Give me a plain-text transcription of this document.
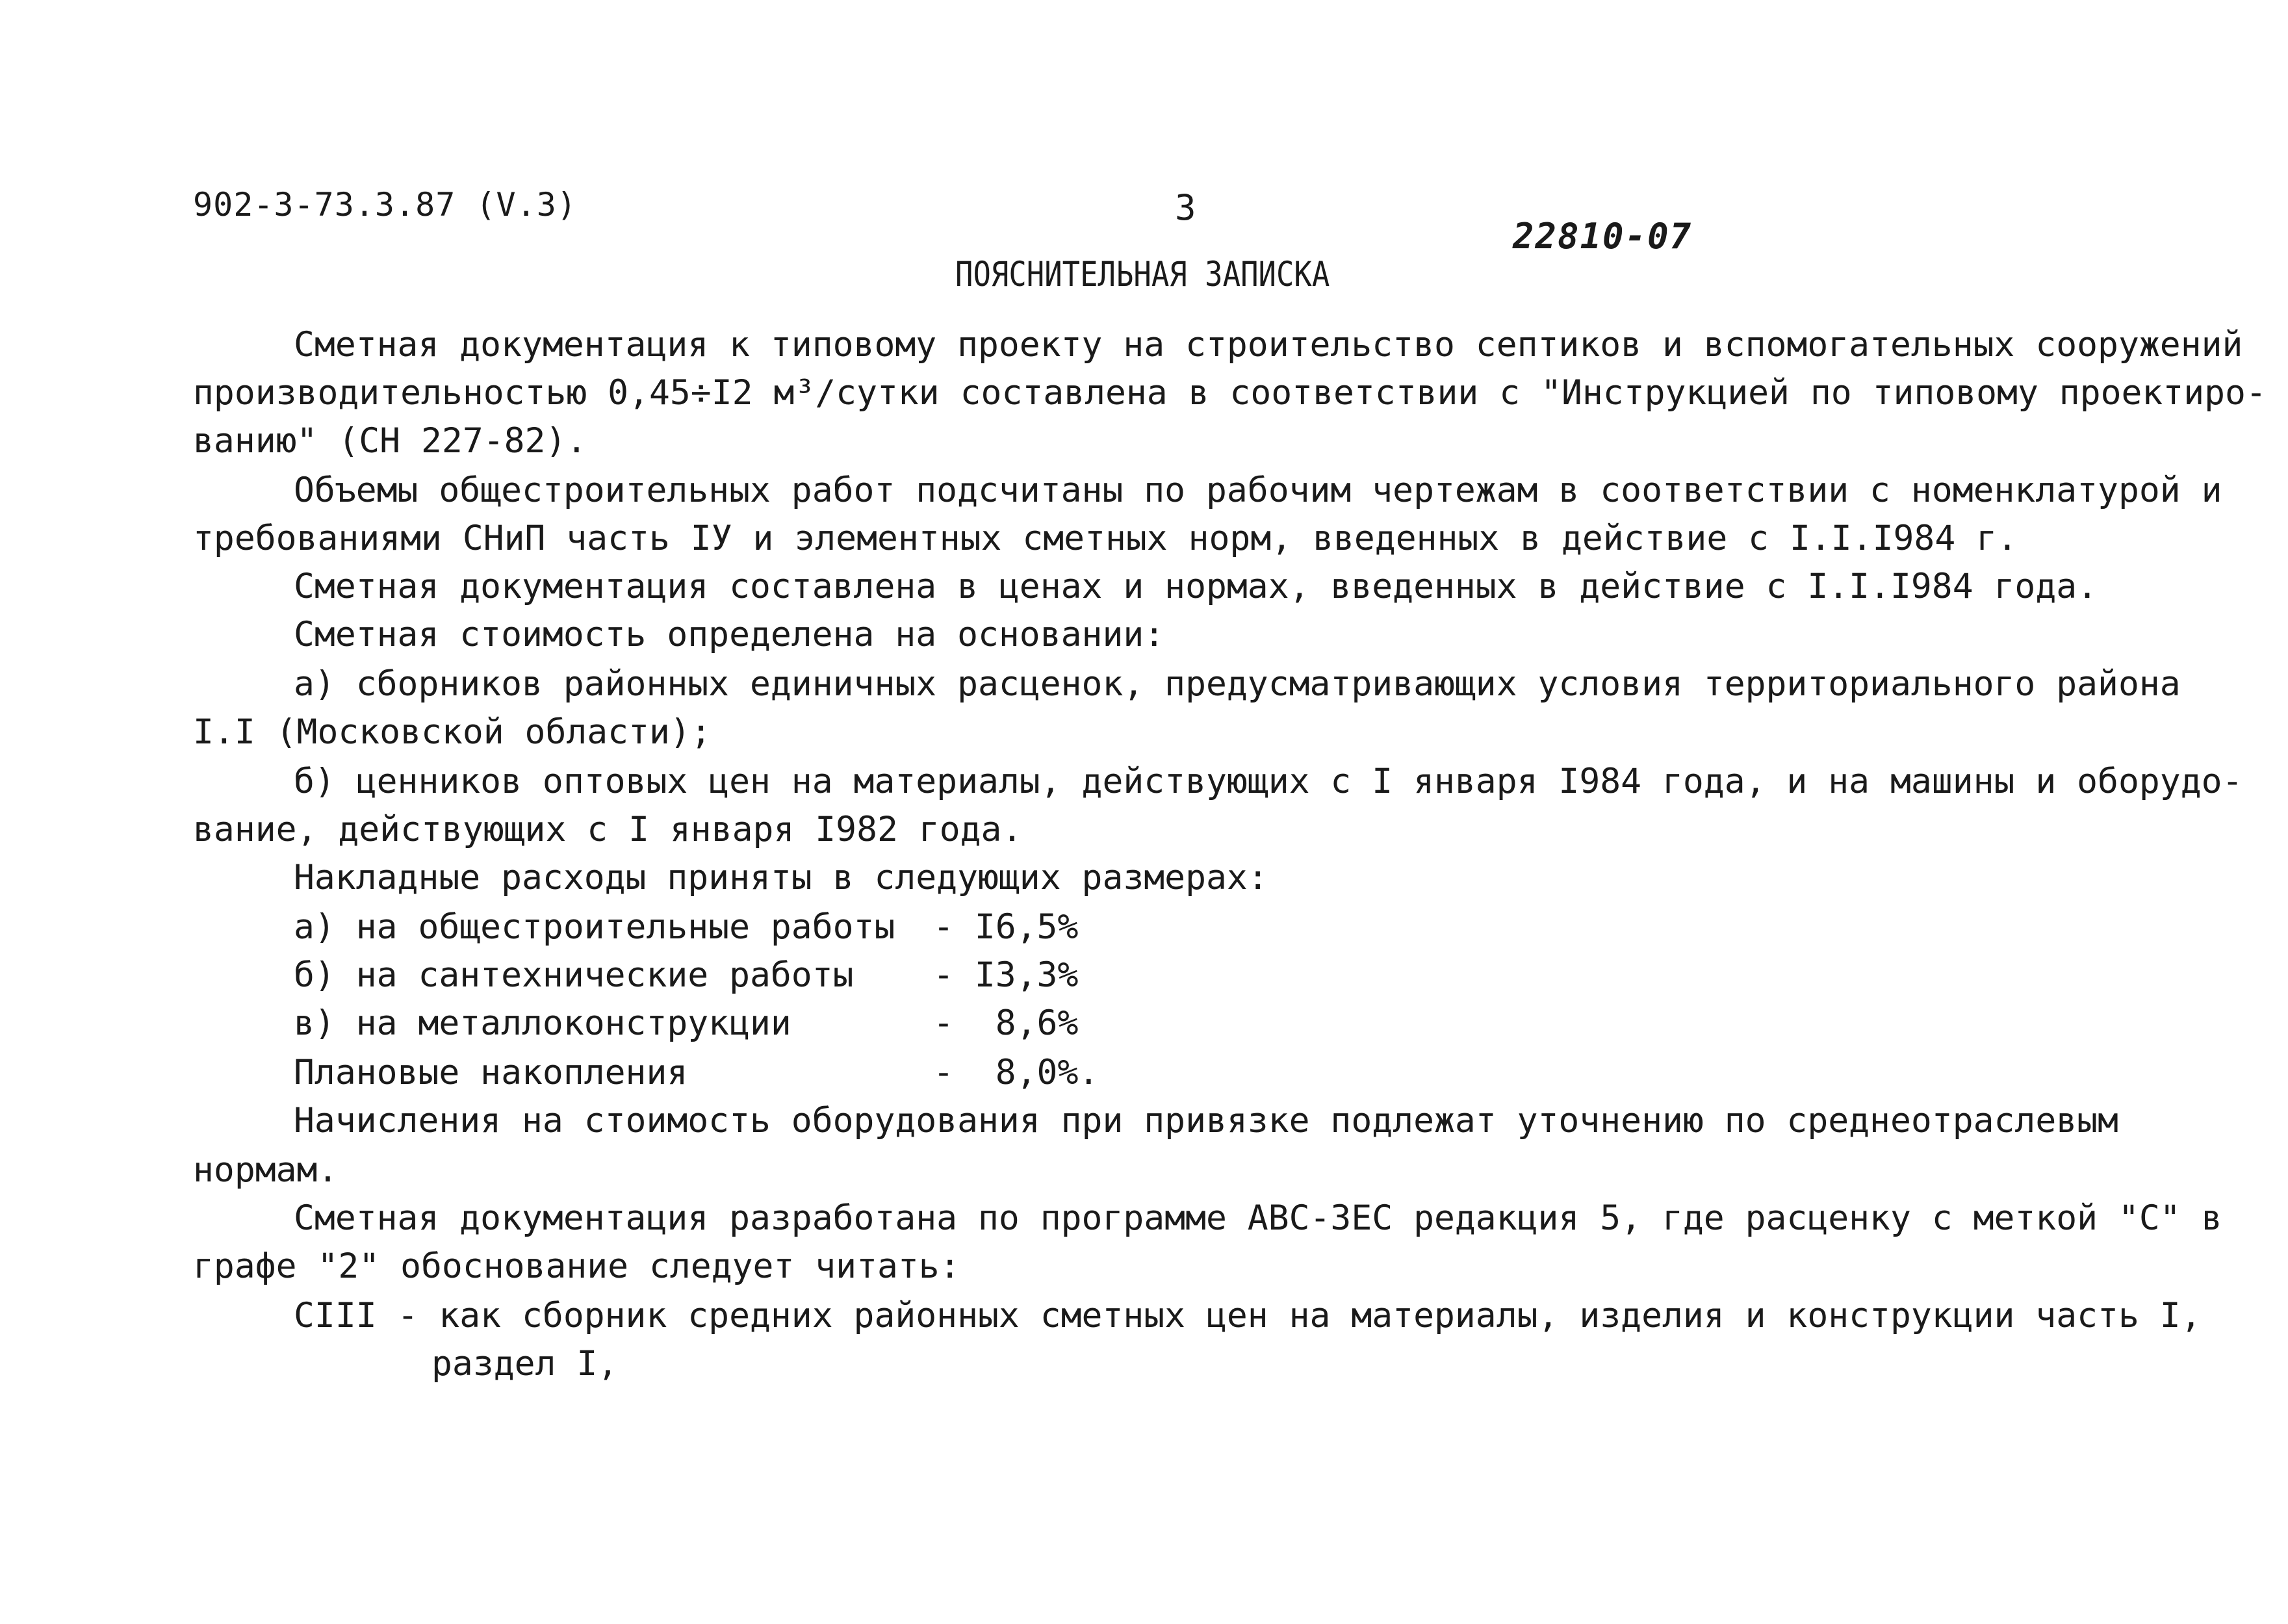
902-3-73.3.87 (V.3)	3
22810-07
ПОЯСНИТЕЛЬНАЯ ЗАПИСКА
Сметная документация к типовому проекту на строительство септиков и вспомогательных сооружений
производительностью 0,45÷I2 м³/сутки составлена в соответствии с "Инструкцией по типовому проектиро-
ванию" (СН 227-82).
Объемы общестроительных работ подсчитаны по рабочим чертежам в соответствии с номенклатурой и
требованиями СНиП часть IУ и элементных сметных норм, введенных в действие с I.I.I984 г.
Сметная документация составлена в ценах и нормах, введенных в действие с I.I.I984 года.
Сметная стоимость определена на основании:
а) сборников районных единичных расценок, предусматривающих условия территориального района
I.I (Московской области);
б) ценников оптовых цен на материалы, действующих с I января I984 года, и на машины и оборудо-
вание, действующих с I января I982 года.
Накладные расходы приняты в следующих размерах:
а) на общестроительные работы - I6,5%
б) на сантехнические работы - I3,3%
в) на металлоконструкции	-  8,6%
Плановые накопления	-  8,0%.
Начисления на стоимость оборудования при привязке подлежат уточнению по среднеотраслевым
нормам.
Сметная документация разработана по программе АВС-ЗЕС редакция 5, где расценку с меткой "С" в
графе "2" обоснование следует читать:
СIII - как сборник средних районных сметных цен на материалы, изделия и конструкции часть I,
раздел I,
